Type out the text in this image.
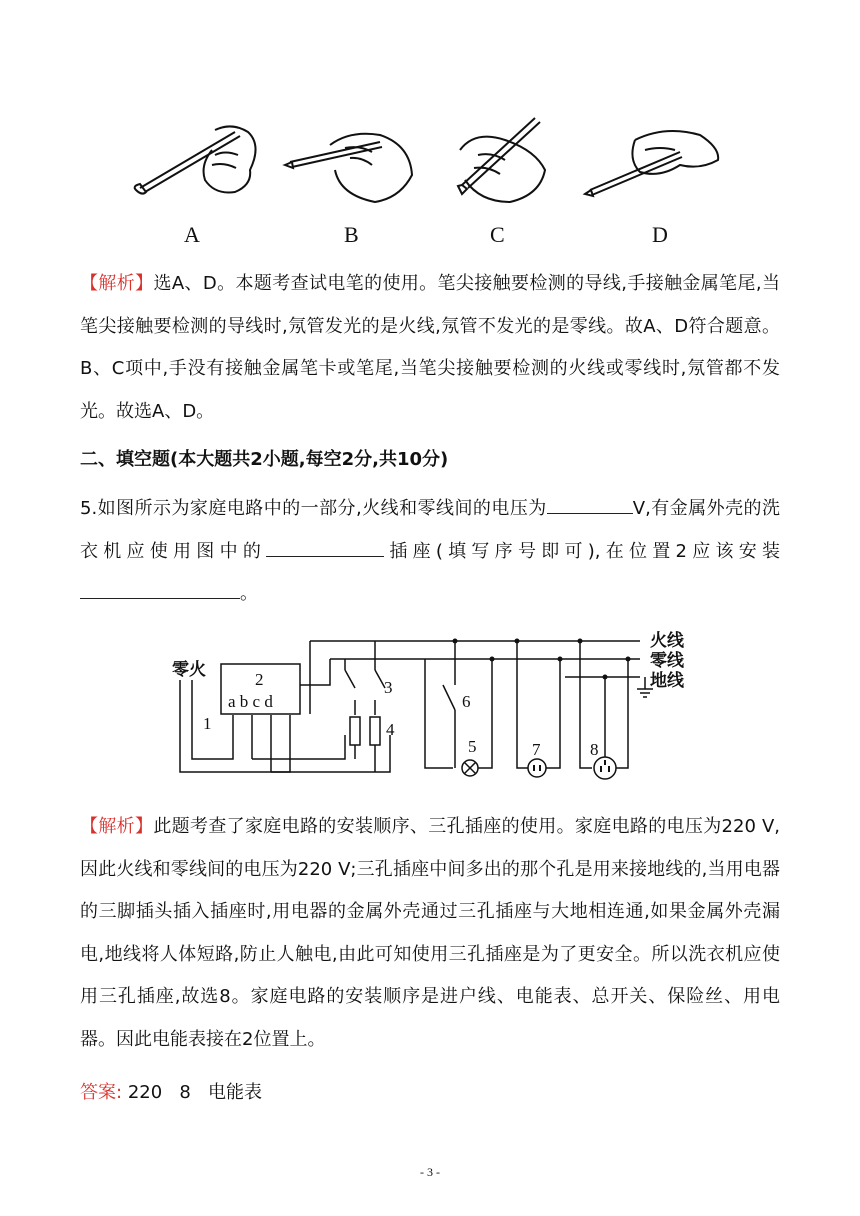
A	B	C	D
【解析】选A、D。本题考查试电笔的使用。笔尖接触要检测的导线,手接触金属笔尾,当笔尖接触要检测的导线时,氖管发光的是火线,氖管不发光的是零线。故A、D符合题意。B、C项中,手没有接触金属笔卡或笔尾,当笔尖接触要检测的火线或零线时,氖管都不发光。故选A、D。
二、填空题(本大题共2小题,每空2分,共10分)
5.如图所示为家庭电路中的一部分,火线和零线间的电压为	V,有金属外壳的洗衣机应使用图中的	插座(填写序号即可),在位置2应该安装。
火线
零线
地线
零火
a b c d
1
2	3
4
5
6
7	8
【解析】此题考查了家庭电路的安装顺序、三孔插座的使用。家庭电路的电压为220 V,因此火线和零线间的电压为220 V;三孔插座中间多出的那个孔是用来接地线的,当用电器的三脚插头插入插座时,用电器的金属外壳通过三孔插座与大地相连通,如果金属外壳漏电,地线将人体短路,防止人触电,由此可知使用三孔插座是为了更安全。所以洗衣机应使用三孔插座,故选8。家庭电路的安装顺序是进户线、电能表、总开关、保险丝、用电器。因此电能表接在2位置上。
答案: 220   8   电能表
- 3 -
